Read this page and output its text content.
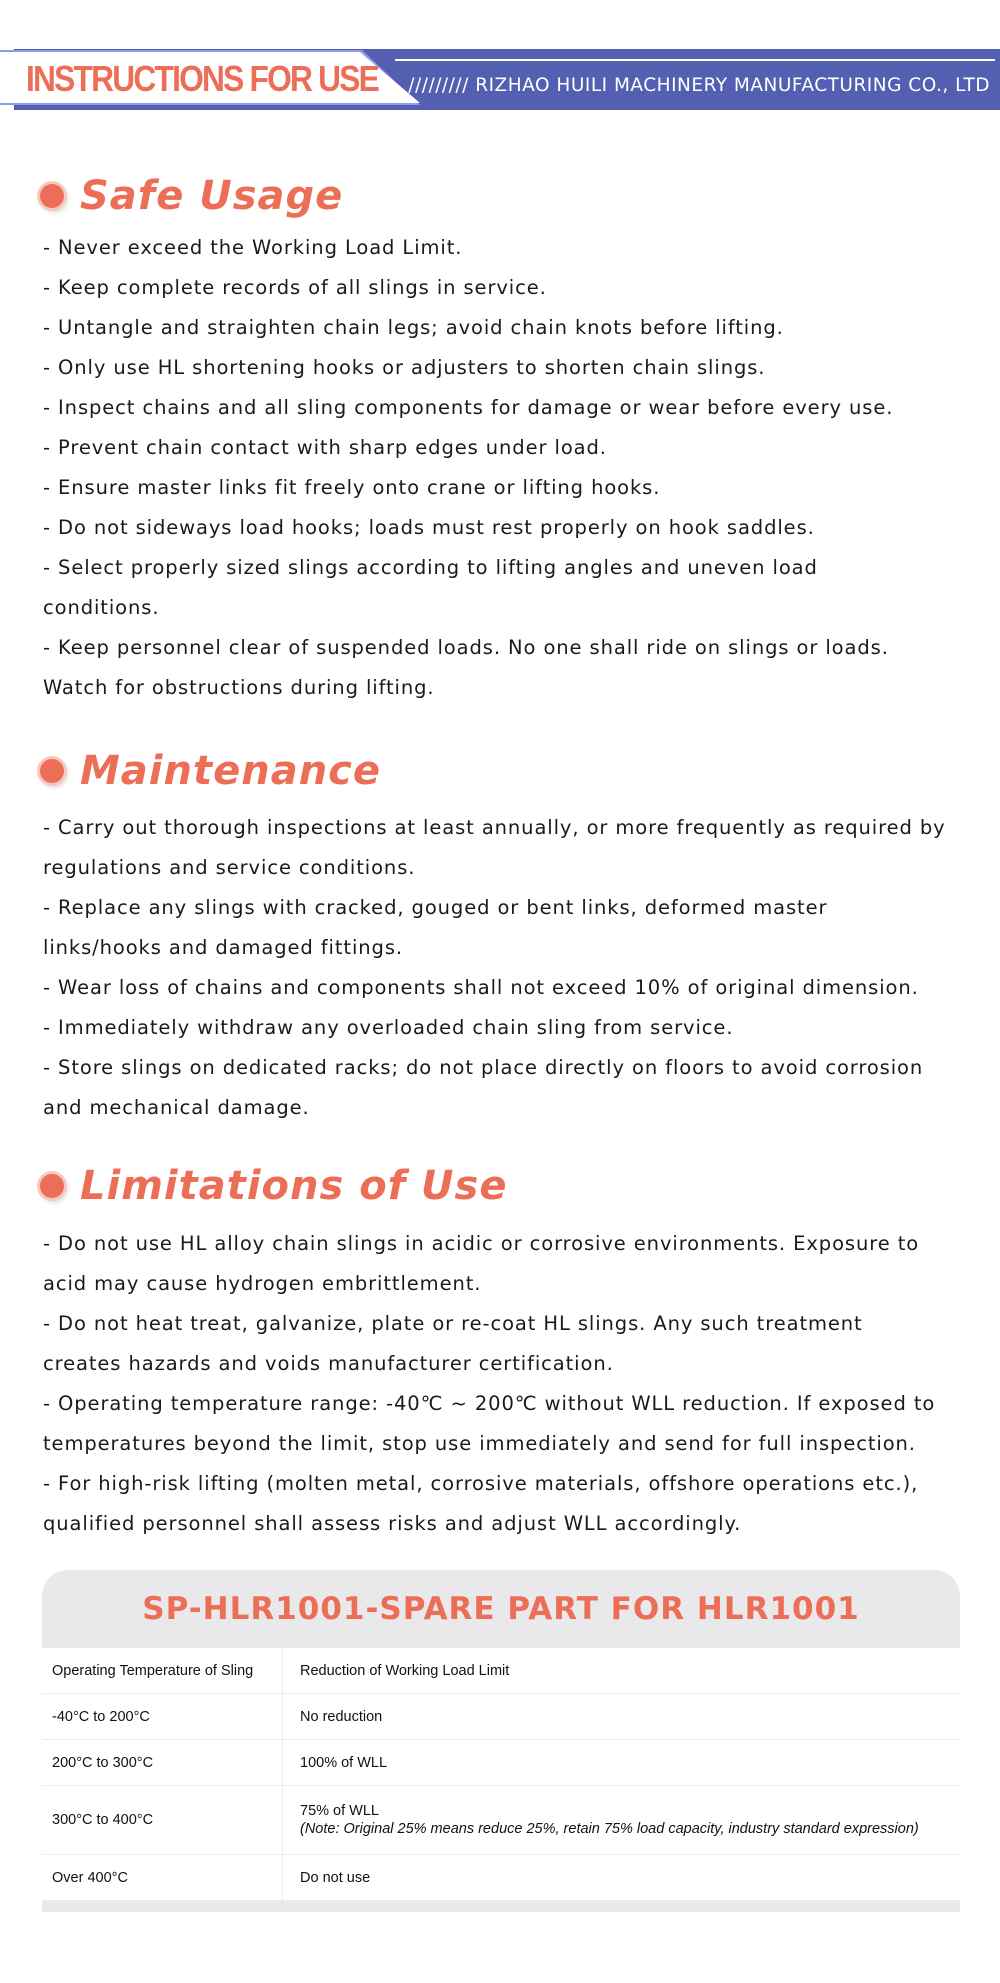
INSTRUCTIONS FOR USE ///////// RIZHAO HUILI MACHINERY MANUFACTURING CO., LTD
Safe Usage

- Never exceed the Working Load Limit.

- Keep complete records of all slings in service.

- Untangle and straighten chain legs; avoid chain knots before lifting.

- Only use HL shortening hooks or adjusters to shorten chain slings.

- Inspect chains and all sling components for damage or wear before every use.

- Prevent chain contact with sharp edges under load.

- Ensure master links fit freely onto crane or lifting hooks.

- Do not sideways load hooks; loads must rest properly on hook saddles.

- Select properly sized slings according to lifting angles and uneven load conditions.

- Keep personnel clear of suspended loads. No one shall ride on slings or loads. Watch for obstructions during lifting.

Maintenance

- Carry out thorough inspections at least annually, or more frequently as required by regulations and service conditions.

- Replace any slings with cracked, gouged or bent links, deformed master links/hooks and damaged fittings.

- Wear loss of chains and components shall not exceed 10% of original dimension.

- Immediately withdraw any overloaded chain sling from service.

- Store slings on dedicated racks; do not place directly on floors to avoid corrosion and mechanical damage.

Limitations of Use

- Do not use HL alloy chain slings in acidic or corrosive environments. Exposure to acid may cause hydrogen embrittlement.

- Do not heat treat, galvanize, plate or re-coat HL slings. Any such treatment creates hazards and voids manufacturer certification.

- Operating temperature range: -40℃ ~ 200℃ without WLL reduction. If exposed to temperatures beyond the limit, stop use immediately and send for full inspection.

- For high-risk lifting (molten metal, corrosive materials, offshore operations etc.), qualified personnel shall assess risks and adjust WLL accordingly.

SP-HLR1001-SPARE PART FOR HLR1001
Operating Temperature of Sling	Reduction of Working Load Limit
-40°C to 200°C	No reduction
200°C to 300°C	100% of WLL
300°C to 400°C	75% of WLL
(Note: Original 25% means reduce 25%, retain 75% load capacity, industry standard expression)

Over 400°C	Do not use
